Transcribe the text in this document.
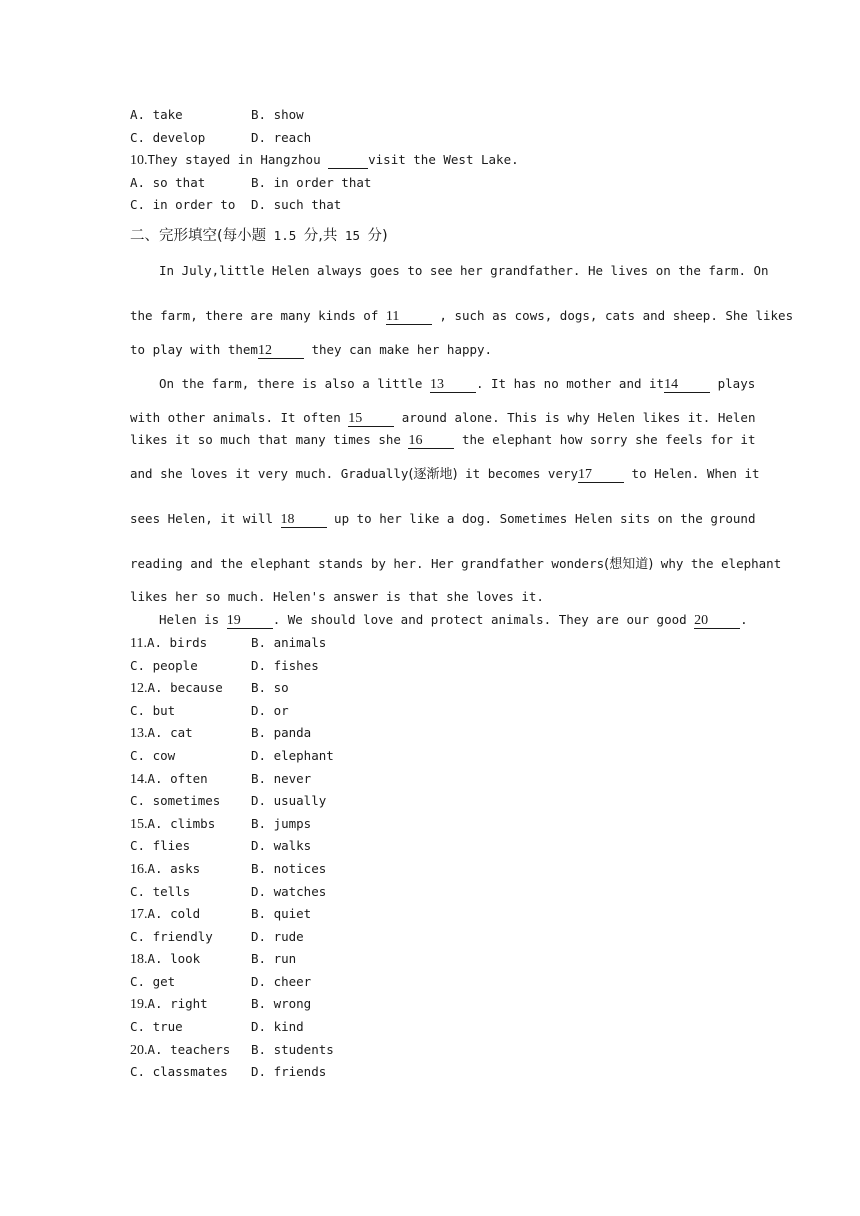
A. take	B. show
C. develop	D. reach
10.They stayed in Hangzhou	visit the West Lake.
A. so that	B. in order that
C. in order to D. such that
二、完形填空(每小题 1.5 分,共 15 分)
In July,little Helen always goes to see her grandfather. He lives on the farm. On
the farm, there are many kinds of 11	, such as cows, dogs, cats and sheep. She likes
to play with them12	they can make her happy.
On the farm, there is also a little 13	. It has no mother and it14	plays
with other animals. It often 15	around alone. This is why Helen likes it. Helen
likes it so much that many times she 16	the elephant how sorry she feels for it
and she loves it very much. Gradually(逐渐地) it becomes very17	to Helen. When it
sees Helen, it will 18	up to her like a dog. Sometimes Helen sits on the ground
reading and the elephant stands by her. Her grandfather wonders(想知道) why the elephant
likes her so much. Helen's answer is that she loves it.
Helen is 19	. We should love and protect animals. They are our good 20	.
11.A. birds	B. animals
C. people	D. fishes
12.A. because B. so
C. but	D. or
13.A. cat	B. panda
C. cow	D. elephant
14.A. often	B. never
C. sometimes D. usually
15.A. climbs	B. jumps
C. flies	D. walks
16.A. asks	B. notices
C. tells	D. watches
17.A. cold	B. quiet
C. friendly	D. rude
18.A. look	B. run
C. get	D. cheer
19.A. right	B. wrong
C. true	D. kind
20.A. teachers B. students
C. classmates D. friends
